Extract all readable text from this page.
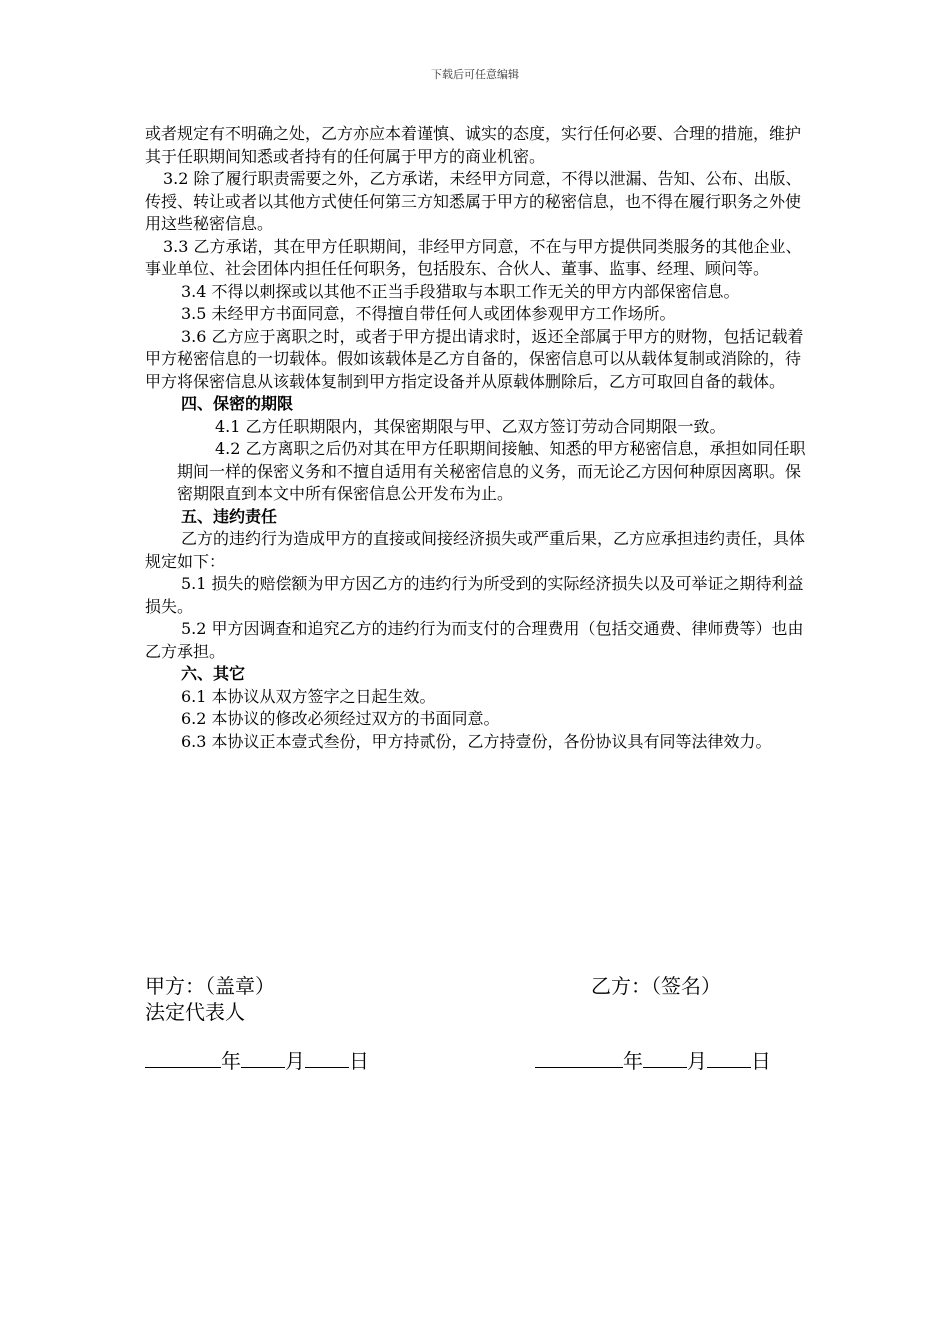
下载后可任意编辑

或者规定有不明确之处，乙方亦应本着谨慎、诚实的态度，实行任何必要、合理的措施，维护其于任职期间知悉或者持有的任何属于甲方的商业机密。

3.2 除了履行职责需要之外，乙方承诺，未经甲方同意，不得以泄漏、告知、公布、出版、传授、转让或者以其他方式使任何第三方知悉属于甲方的秘密信息，也不得在履行职务之外使用这些秘密信息。

3.3 乙方承诺，其在甲方任职期间，非经甲方同意，不在与甲方提供同类服务的其他企业、事业单位、社会团体内担任任何职务，包括股东、合伙人、董事、监事、经理、顾问等。

3.4 不得以刺探或以其他不正当手段猎取与本职工作无关的甲方内部保密信息。

3.5 未经甲方书面同意，不得擅自带任何人或团体参观甲方工作场所。

3.6 乙方应于离职之时，或者于甲方提出请求时，返还全部属于甲方的财物，包括记载着甲方秘密信息的一切载体。假如该载体是乙方自备的，保密信息可以从载体复制或消除的，待甲方将保密信息从该载体复制到甲方指定设备并从原载体删除后，乙方可取回自备的载体。

四、保密的期限

4.1 乙方任职期限内，其保密期限与甲、乙双方签订劳动合同期限一致。

4.2 乙方离职之后仍对其在甲方任职期间接触、知悉的甲方秘密信息，承担如同任职期间一样的保密义务和不擅自适用有关秘密信息的义务，而无论乙方因何种原因离职。保密期限直到本文中所有保密信息公开发布为止。

五、违约责任

乙方的违约行为造成甲方的直接或间接经济损失或严重后果，乙方应承担违约责任，具体规定如下：

5.1 损失的赔偿额为甲方因乙方的违约行为所受到的实际经济损失以及可举证之期待利益损失。

5.2 甲方因调查和追究乙方的违约行为而支付的合理费用（包括交通费、律师费等）也由乙方承担。

六、其它

6.1 本协议从双方签字之日起生效。

6.2 本协议的修改必须经过双方的书面同意。

6.3 本协议正本壹式叁份，甲方持贰份，乙方持壹份，各份协议具有同等法律效力。

甲方：（盖章）	乙方：（签名）
法定代表人
年 月 日	年 月 日
